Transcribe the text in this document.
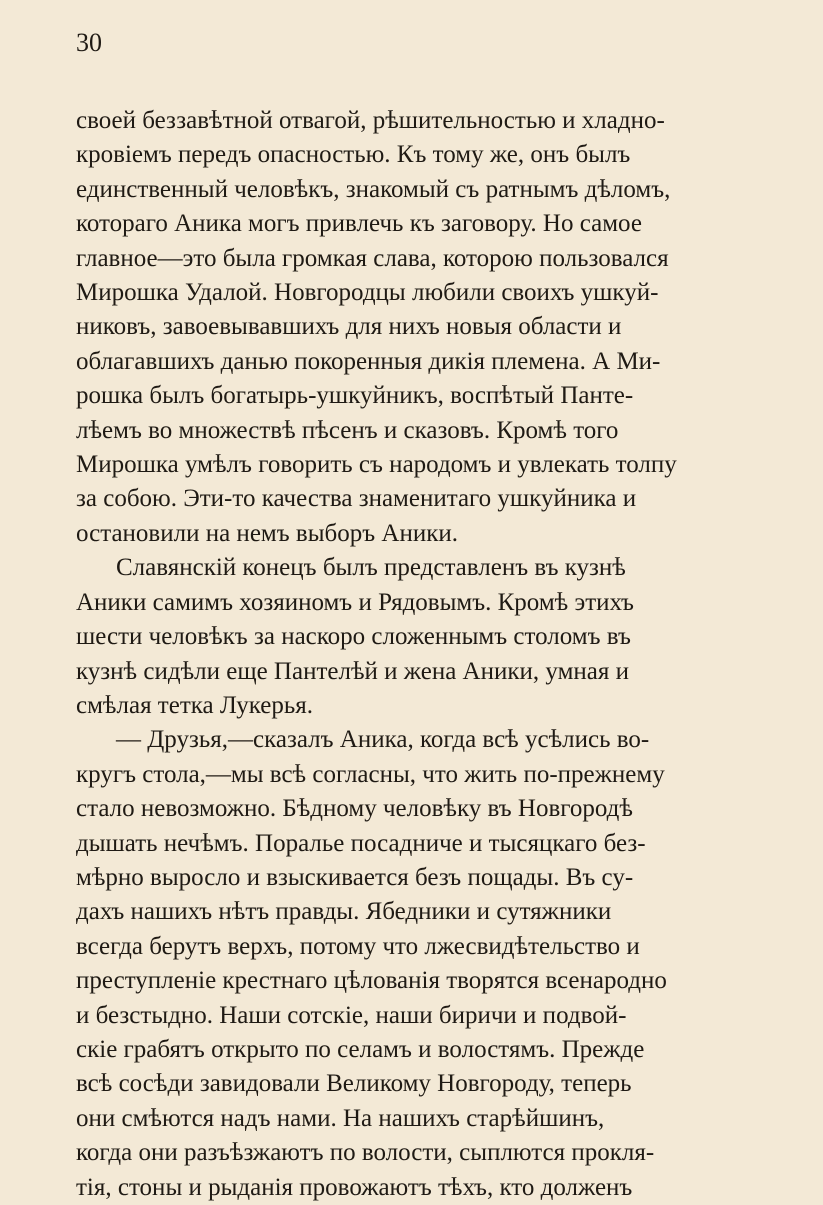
30
своей беззавѣтной отвагой, рѣшительностью и хладно-
кровіемъ передъ опасностью. Къ тому же, онъ былъ
единственный человѣкъ, знакомый съ ратнымъ дѣломъ,
котораго Аника могъ привлечь къ заговору. Но самое
главное—это была громкая слава, которою пользовался
Мирошка Удалой. Новгородцы любили своихъ ушкуй-
никовъ, завоевывавшихъ для нихъ новыя области и
облагавшихъ данью покоренныя дикія племена. А Ми-
рошка былъ богатырь-ушкуйникъ, воспѣтый Панте-
лѣемъ во множествѣ пѣсенъ и сказовъ. Кромѣ того
Мирошка умѣлъ говорить съ народомъ и увлекать толпу
за собою. Эти-то качества знаменитаго ушкуйника и
остановили на немъ выборъ Аники.
Славянскій конецъ былъ представленъ въ кузнѣ
Аники самимъ хозяиномъ и Рядовымъ. Кромѣ этихъ
шести человѣкъ за наскоро сложеннымъ столомъ въ
кузнѣ сидѣли еще Пантелѣй и жена Аники, умная и
смѣлая тетка Лукерья.
— Друзья,—сказалъ Аника, когда всѣ усѣлись во-
кругъ стола,—мы всѣ согласны, что жить по-прежнему
стало невозможно. Бѣдному человѣку въ Новгородѣ
дышать нечѣмъ. Поралье посадниче и тысяцкаго без-
мѣрно выросло и взыскивается безъ пощады. Въ су-
дахъ нашихъ нѣтъ правды. Ябедники и сутяжники
всегда берутъ верхъ, потому что лжесвидѣтельство и
преступленіе крестнаго цѣлованія творятся всенародно
и безстыдно. Наши сотскіе, наши биричи и подвой-
скіе грабятъ открыто по селамъ и волостямъ. Прежде
всѣ сосѣди завидовали Великому Новгороду, теперь
они смѣются надъ нами. На нашихъ старѣйшинъ,
когда они разъѣзжаютъ по волости, сыплются прокля-
тія, стоны и рыданія провожаютъ тѣхъ, кто долженъ
